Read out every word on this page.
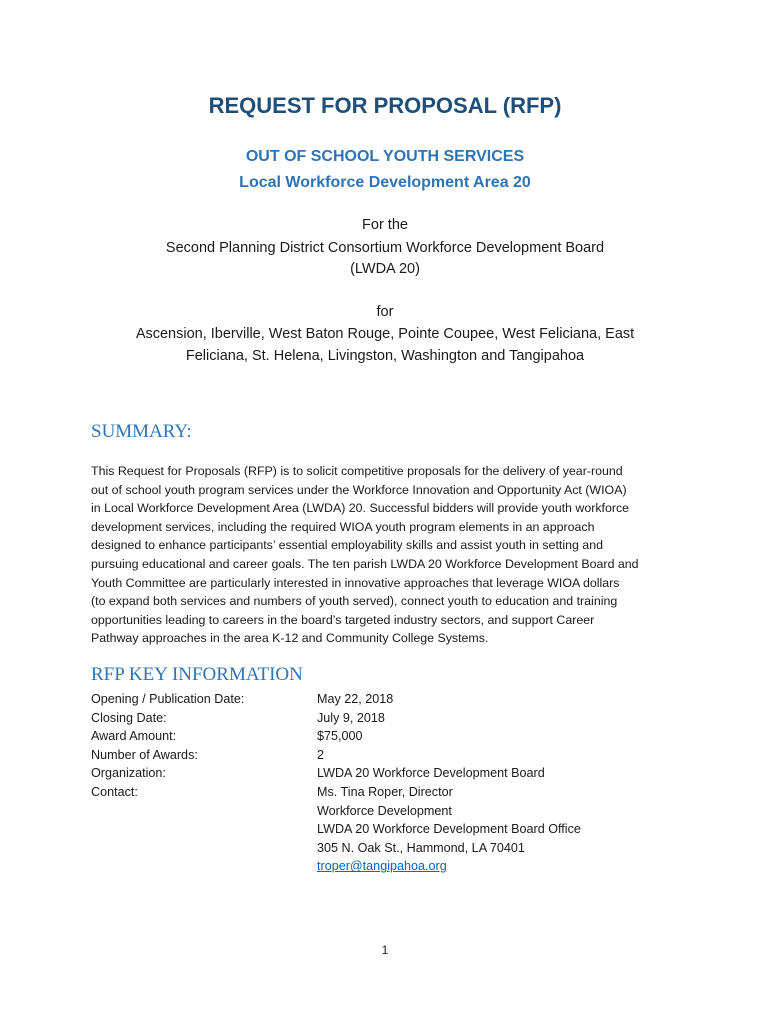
REQUEST FOR PROPOSAL (RFP)
OUT OF SCHOOL YOUTH SERVICES
Local Workforce Development Area 20
For the
Second Planning District Consortium Workforce Development Board
(LWDA 20)
for
Ascension, Iberville, West Baton Rouge, Pointe Coupee, West Feliciana, East
Feliciana, St. Helena, Livingston, Washington and Tangipahoa
SUMMARY:
This Request for Proposals (RFP) is to solicit competitive proposals for the delivery of year-round
out of school youth program services under the Workforce Innovation and Opportunity Act (WIOA)
in Local Workforce Development Area (LWDA) 20. Successful bidders will provide youth workforce
development services, including the required WIOA youth program elements in an approach
designed to enhance participants’ essential employability skills and assist youth in setting and
pursuing educational and career goals. The ten parish LWDA 20 Workforce Development Board and
Youth Committee are particularly interested in innovative approaches that leverage WIOA dollars
(to expand both services and numbers of youth served), connect youth to education and training
opportunities leading to careers in the board’s targeted industry sectors, and support Career
Pathway approaches in the area K-12 and Community College Systems.
RFP KEY INFORMATION
Opening / Publication Date:	May 22, 2018
Closing Date:	July 9, 2018
Award Amount:	$75,000
Number of Awards:	2
Organization:	LWDA 20 Workforce Development Board
Contact:	Ms. Tina Roper, Director
Workforce Development
LWDA 20 Workforce Development Board Office
305 N. Oak St., Hammond, LA 70401
troper@tangipahoa.org
1
